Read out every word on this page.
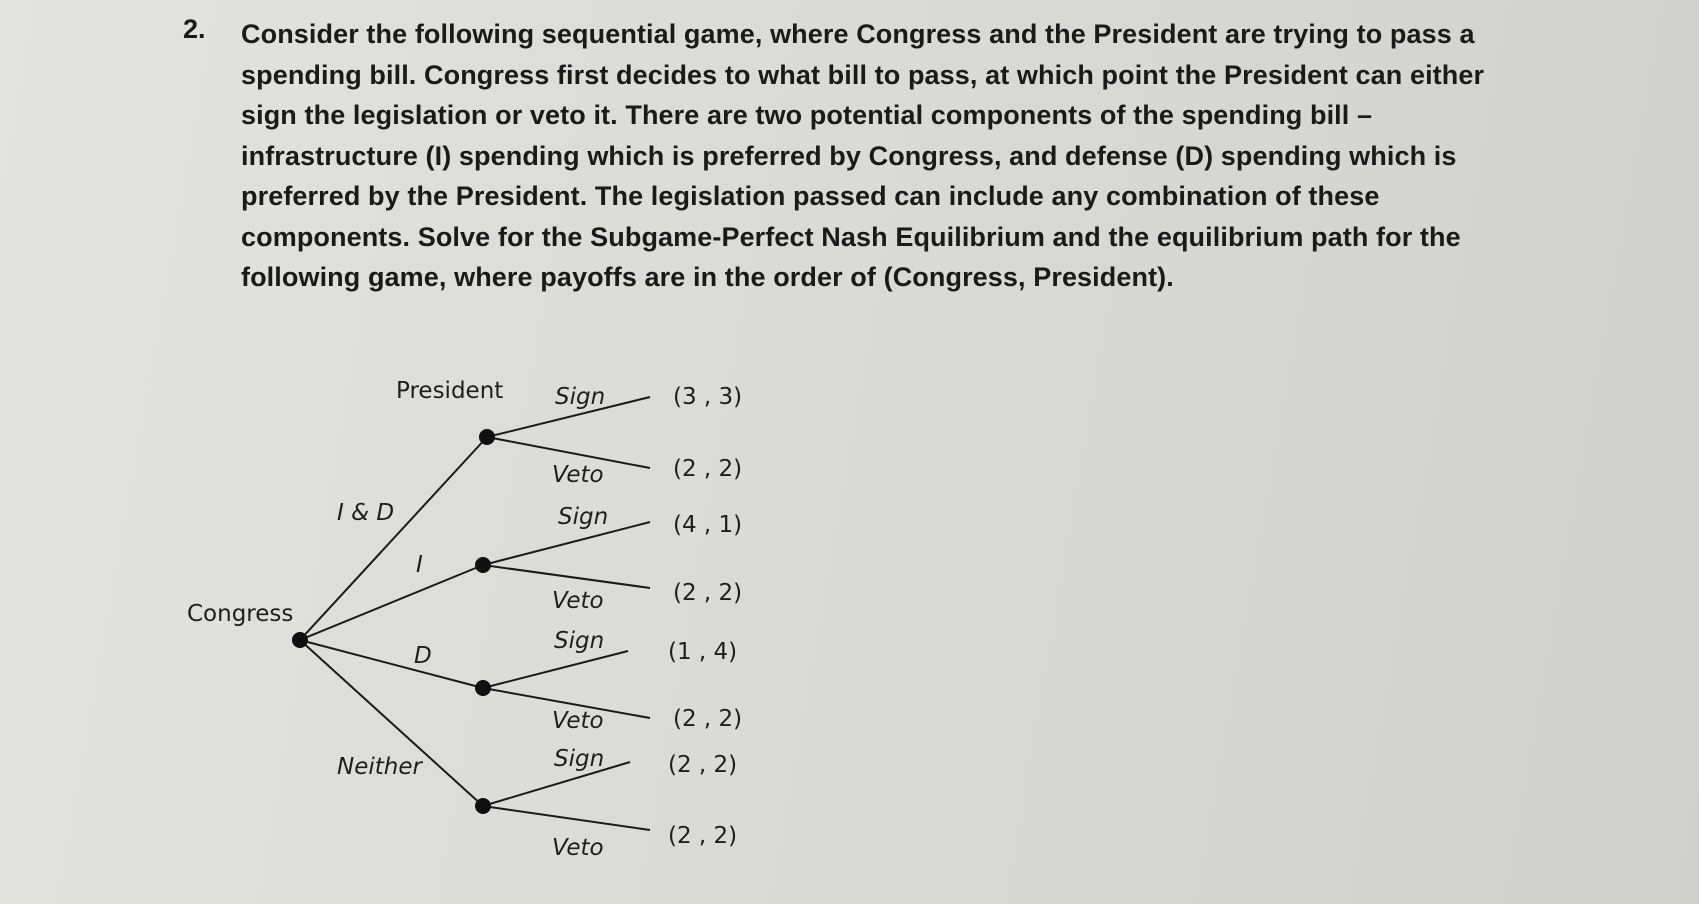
2. Consider the following sequential game, where Congress and the President are trying to pass a
spending bill. Congress first decides to what bill to pass, at which point the President can either
sign the legislation or veto it. There are two potential components of the spending bill –
infrastructure (I) spending which is preferred by Congress, and defense (D) spending which is
preferred by the President. The legislation passed can include any combination of these
components. Solve for the Subgame-Perfect Nash Equilibrium and the equilibrium path for the
following game, where payoffs are in the order of (Congress, President).

Congress
President
I & D
I
D
Neither
Sign
Veto
Sign
Veto
Sign
Veto
Sign
Veto
(3 , 3)
(2 , 2)
(4 , 1)
(2 , 2)
(1 , 4)
(2 , 2)
(2 , 2)
(2 , 2)
